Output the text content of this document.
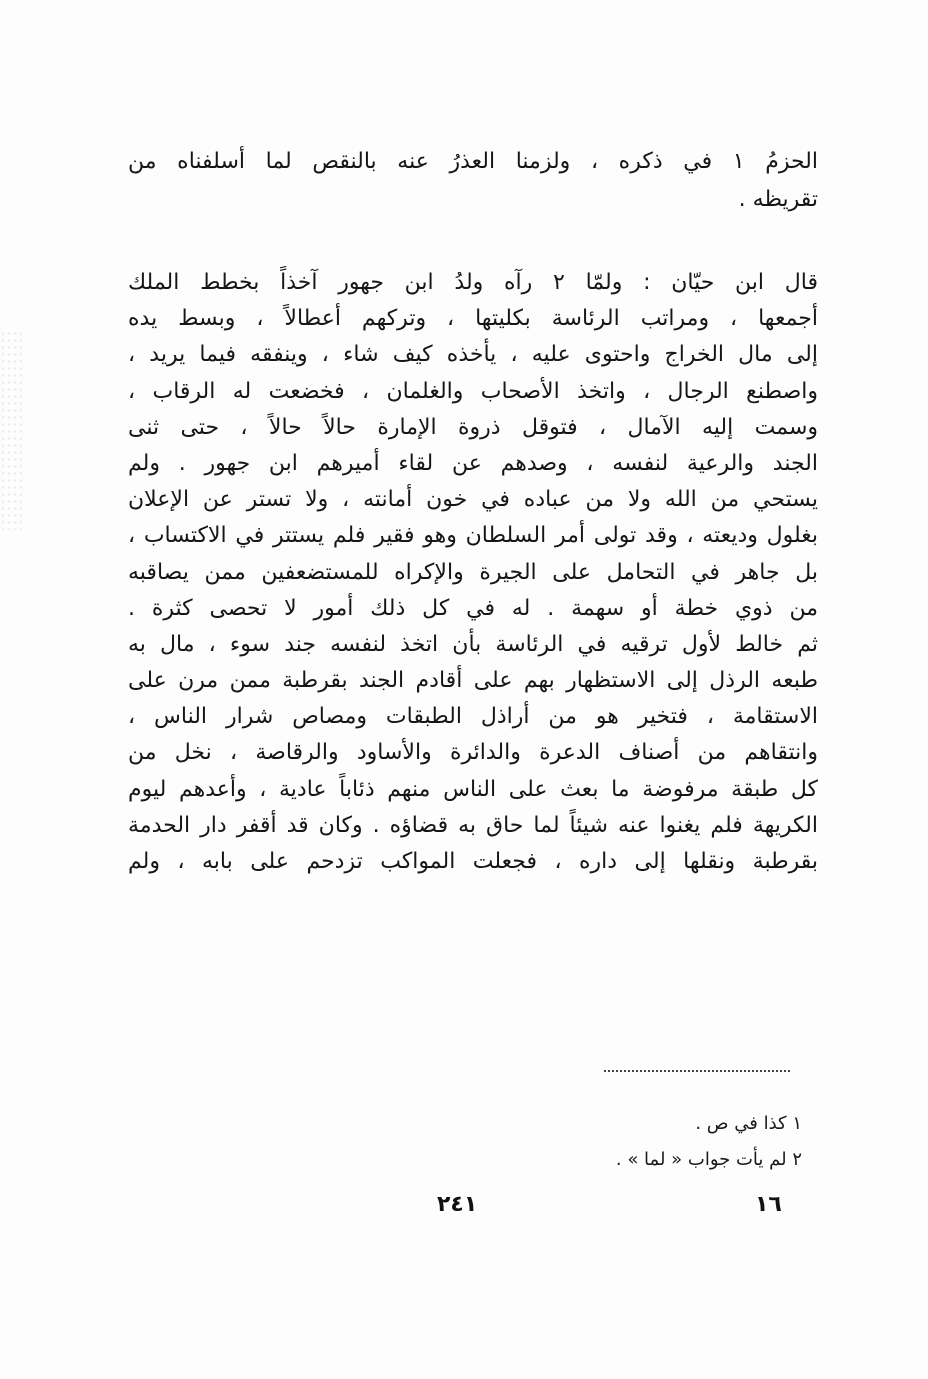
الحزمُ ١ في ذكره ، ولزمنا العذرُ عنه بالنقص لما أسلفناه من
تقريظه .
قال ابن حيّان : ولمّا ٢ رآه ولدُ ابن جهور آخذاً بخطط الملك
أجمعها ، ومراتب الرئاسة بكليتها ، وتركهم أعطالاً ، وبسط يده
إلى مال الخراج واحتوى عليه ، يأخذه كيف شاء ، وينفقه فيما يريد ،
واصطنع الرجال ، واتخذ الأصحاب والغلمان ، فخضعت له الرقاب ،
وسمت إليه الآمال ، فتوقل ذروة الإمارة حالاً حالاً ، حتى ثنى
الجند والرعية لنفسه ، وصدهم عن لقاء أميرهم ابن جهور . ولم
يستحي من الله ولا من عباده في خون أمانته ، ولا تستر عن الإعلان
بغلول وديعته ، وقد تولى أمر السلطان وهو فقير فلم يستتر في الاكتساب ،
بل جاهر في التحامل على الجيرة والإكراه للمستضعفين ممن يصاقبه
من ذوي خطة أو سهمة . له في كل ذلك أمور لا تحصى كثرة .
ثم خالط لأول ترقيه في الرئاسة بأن اتخذ لنفسه جند سوء ، مال به
طبعه الرذل إلى الاستظهار بهم على أقادم الجند بقرطبة ممن مرن على
الاستقامة ، فتخير هو من أراذل الطبقات ومصاص شرار الناس ،
وانتقاهم من أصناف الدعرة والدائرة والأساود والرقاصة ، نخل من
كل طبقة مرفوضة ما بعث على الناس منهم ذئاباً عادية ، وأعدهم ليوم
الكريهة فلم يغنوا عنه شيئاً لما حاق به قضاؤه . وكان قد أقفر دار الحدمة
بقرطبة ونقلها إلى داره ، فجعلت المواكب تزدحم على بابه ، ولم
١ كذا في ص .
٢ لم يأت جواب « لما » .
٢٤١	١٦
